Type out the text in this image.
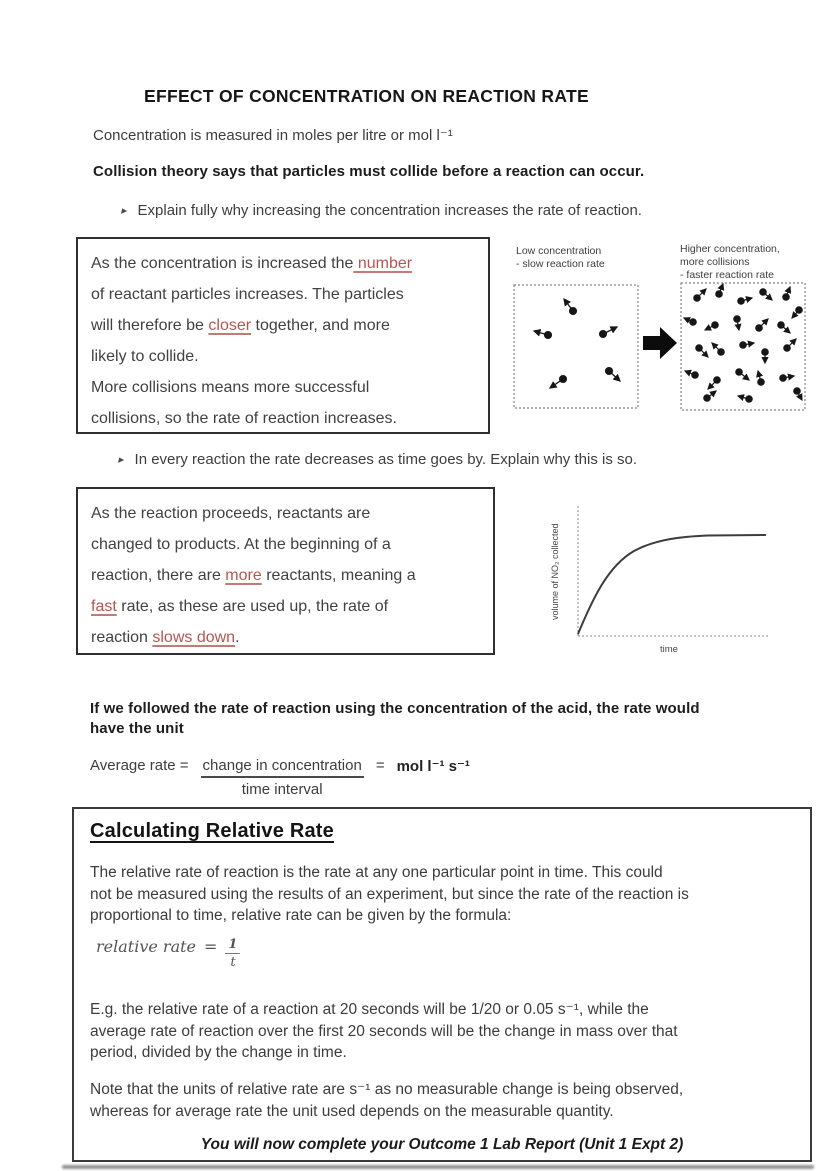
EFFECT OF CONCENTRATION ON REACTION RATE
Concentration is measured in moles per litre or mol l⁻¹
Collision theory says that particles must collide before a reaction can occur.
▸ Explain fully why increasing the concentration increases the rate of reaction.
As the concentration is increased the number
of reactant particles increases. The particles
will therefore be closer together, and more
likely to collide.
More collisions means more successful
collisions, so the rate of reaction increases.
Low concentration
- slow reaction rate
Higher concentration,
more collisions
- faster reaction rate
▸ In every reaction the rate decreases as time goes by. Explain why this is so.
As the reaction proceeds, reactants are
changed to products. At the beginning of a
reaction, there are more reactants, meaning a
fast rate, as these are used up, the rate of
reaction slows down.
volume of NO₂ collected
time
If we followed the rate of reaction using the concentration of the acid, the rate would
have the unit
Average rate = $\frac{\text{change in concentration}}{\text{time interval}}$ = mol l⁻¹ s⁻¹
Calculating Relative Rate
The relative rate of reaction is the rate at any one particular point in time. This could
not be measured using the results of an experiment, but since the rate of the reaction is
proportional to time, relative rate can be given by the formula:
relative rate = $\frac{1}{t}$
E.g. the relative rate of a reaction at 20 seconds will be 1/20 or 0.05 s⁻¹, while the
average rate of reaction over the first 20 seconds will be the change in mass over that
period, divided by the change in time.
Note that the units of relative rate are s⁻¹ as no measurable change is being observed,
whereas for average rate the unit used depends on the measurable quantity.
You will now complete your Outcome 1 Lab Report (Unit 1 Expt 2)
